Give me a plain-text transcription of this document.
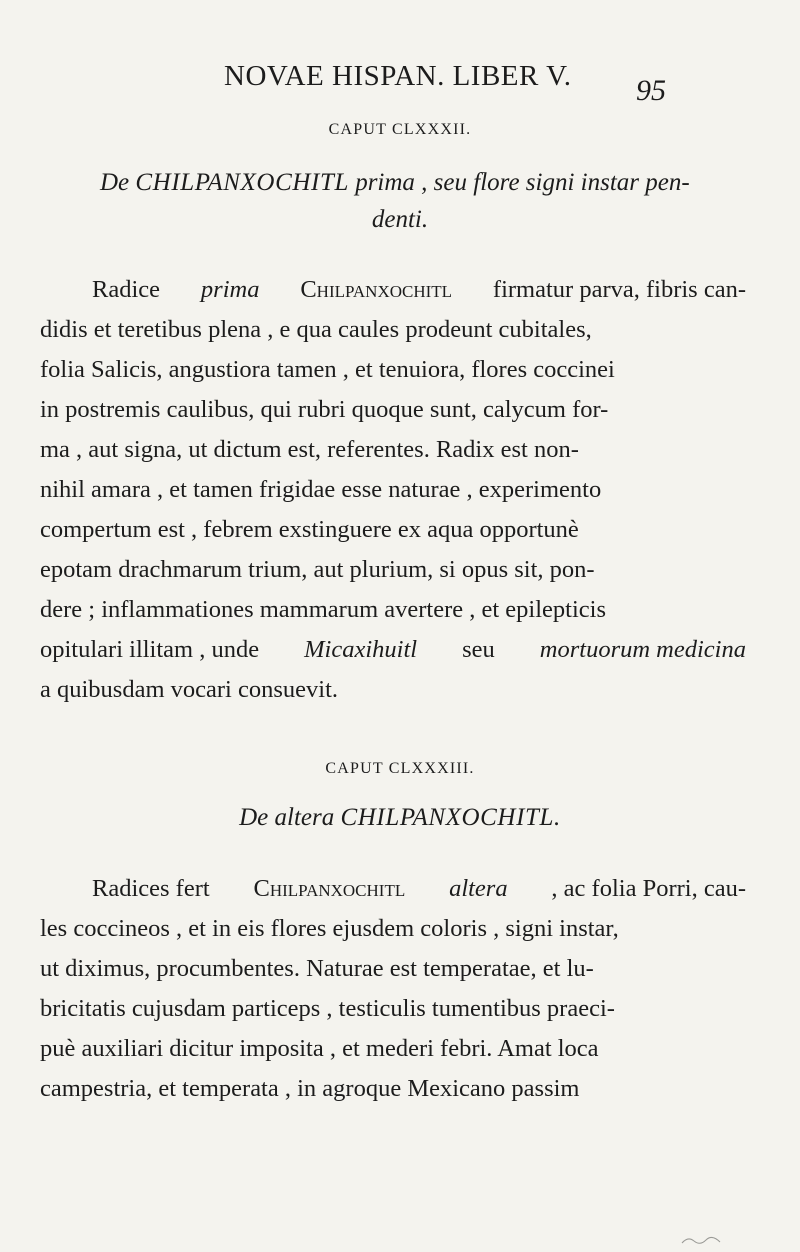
NOVAE HISPAN. LIBER V. 95
CAPUT CLXXXII.
De CHILPANXOCHITL prima , seu flore signi instar pen-
denti.
Radice prima Chilpanxochitl firmatur parva, fibris can-
didis et teretibus plena , e qua caules prodeunt cubitales,
folia Salicis, angustiora tamen , et tenuiora, flores coccinei
in postremis caulibus, qui rubri quoque sunt, calycum for-
ma , aut signa, ut dictum est, referentes. Radix est non-
nihil amara , et tamen frigidae esse naturae , experimento
compertum est , febrem exstinguere ex aqua opportunè
epotam drachmarum trium, aut plurium, si opus sit, pon-
dere ; inflammationes mammarum avertere , et epilepticis
opitulari illitam , unde Micaxihuitl seu mortuorum medicina
a quibusdam vocari consuevit.
CAPUT CLXXXIII.
De altera CHILPANXOCHITL.
Radices fert Chilpanxochitl altera , ac folia Porri, cau-
les coccineos , et in eis flores ejusdem coloris , signi instar,
ut diximus, procumbentes. Naturae est temperatae, et lu-
bricitatis cujusdam particeps , testiculis tumentibus praeci-
puè auxiliari dicitur imposita , et mederi febri. Amat loca
campestria, et temperata , in agroque Mexicano passim
